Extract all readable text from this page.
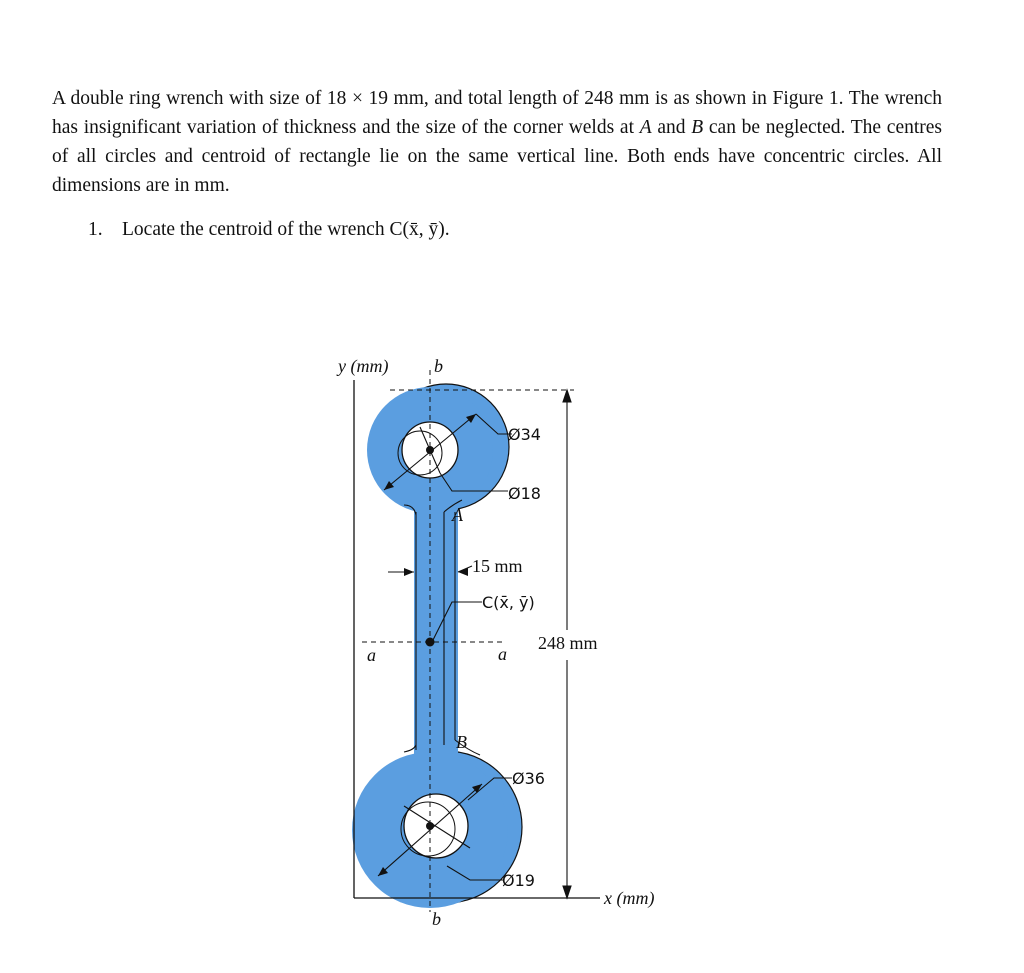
A double ring wrench with size of 18 × 19 mm, and total length of 248 mm is as shown in Figure 1. The wrench has insignificant variation of thickness and the size of the corner welds at A and B can be neglected. The centres of all circles and centroid of rectangle lie on the same vertical line. Both ends have concentric circles. All dimensions are in mm.
1. Locate the centroid of the wrench C(x̄, ȳ).
y (mm)	b
b
a	a
A
B
Ø34
Ø18
15 mm
C(x̄, ȳ)
248 mm
Ø36
Ø19
x (mm)
